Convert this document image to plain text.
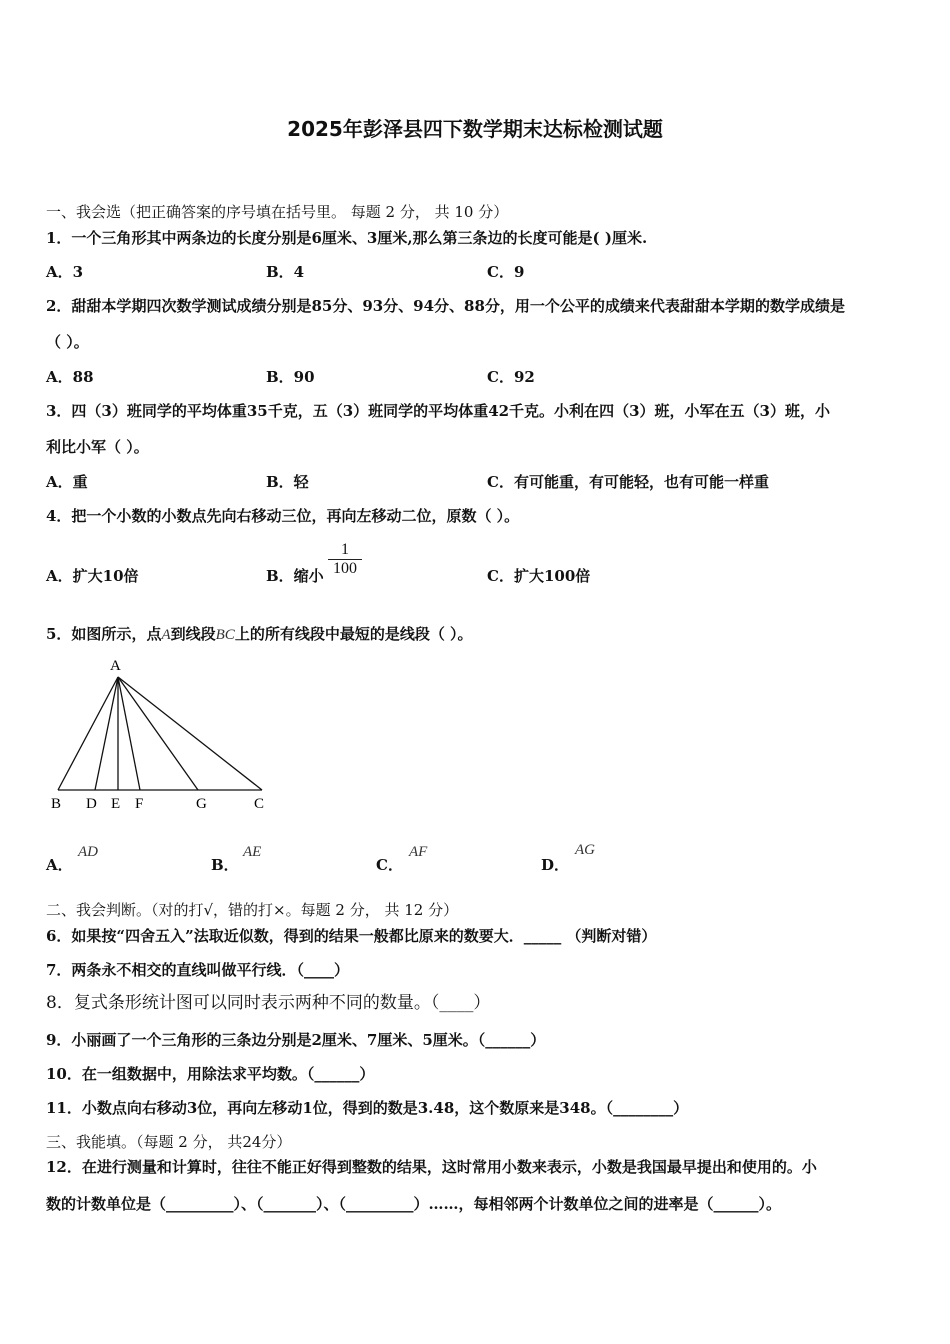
2025年彭泽县四下数学期末达标检测试题
一、我会选（把正确答案的序号填在括号里。 每题 2 分， 共 10 分）
1．一个三角形其中两条边的长度分别是6厘米、3厘米,那么第三条边的长度可能是( )厘米.
A．3	B．4	C．9
2．甜甜本学期四次数学测试成绩分别是85分、93分、94分、88分，用一个公平的成绩来代表甜甜本学期的数学成绩是
（ ）。
A．88	B．90	C．92
3．四（3）班同学的平均体重35千克，五（3）班同学的平均体重42千克。小利在四（3）班，小军在五（3）班，小
利比小军（ ）。
A．重	B．轻	C．有可能重，有可能轻，也有可能一样重
4．把一个小数的小数点先向右移动三位，再向左移动二位，原数（ ）。
A．扩大10倍	B．缩小 $\frac{1}{100}$	C．扩大100倍
5．如图所示，点A到线段BC上的所有线段中最短的是线段（ ）。
A
B D E F	G	C
A．
AD
B．
AE
C．
AF
D．
AG
二、我会判断。（对的打√，错的打×。每题 2 分， 共 12 分）
6．如果按“四舍五入”法取近似数，得到的结果一般都比原来的数要大．_____ （判断对错）
7．两条永不相交的直线叫做平行线．（____）
8．复式条形统计图可以同时表示两种不同的数量。（____）
9．小丽画了一个三角形的三条边分别是2厘米、7厘米、5厘米。（______）
10．在一组数据中，用除法求平均数。（______）
11．小数点向右移动3位，再向左移动1位，得到的数是3.48，这个数原来是348。（________）
三、我能填。（每题 2 分， 共24分）
12．在进行测量和计算时，往往不能正好得到整数的结果，这时常用小数来表示，小数是我国最早提出和使用的。小
数的计数单位是（_________）、（_______）、（_________）……，每相邻两个计数单位之间的进率是（______）。
